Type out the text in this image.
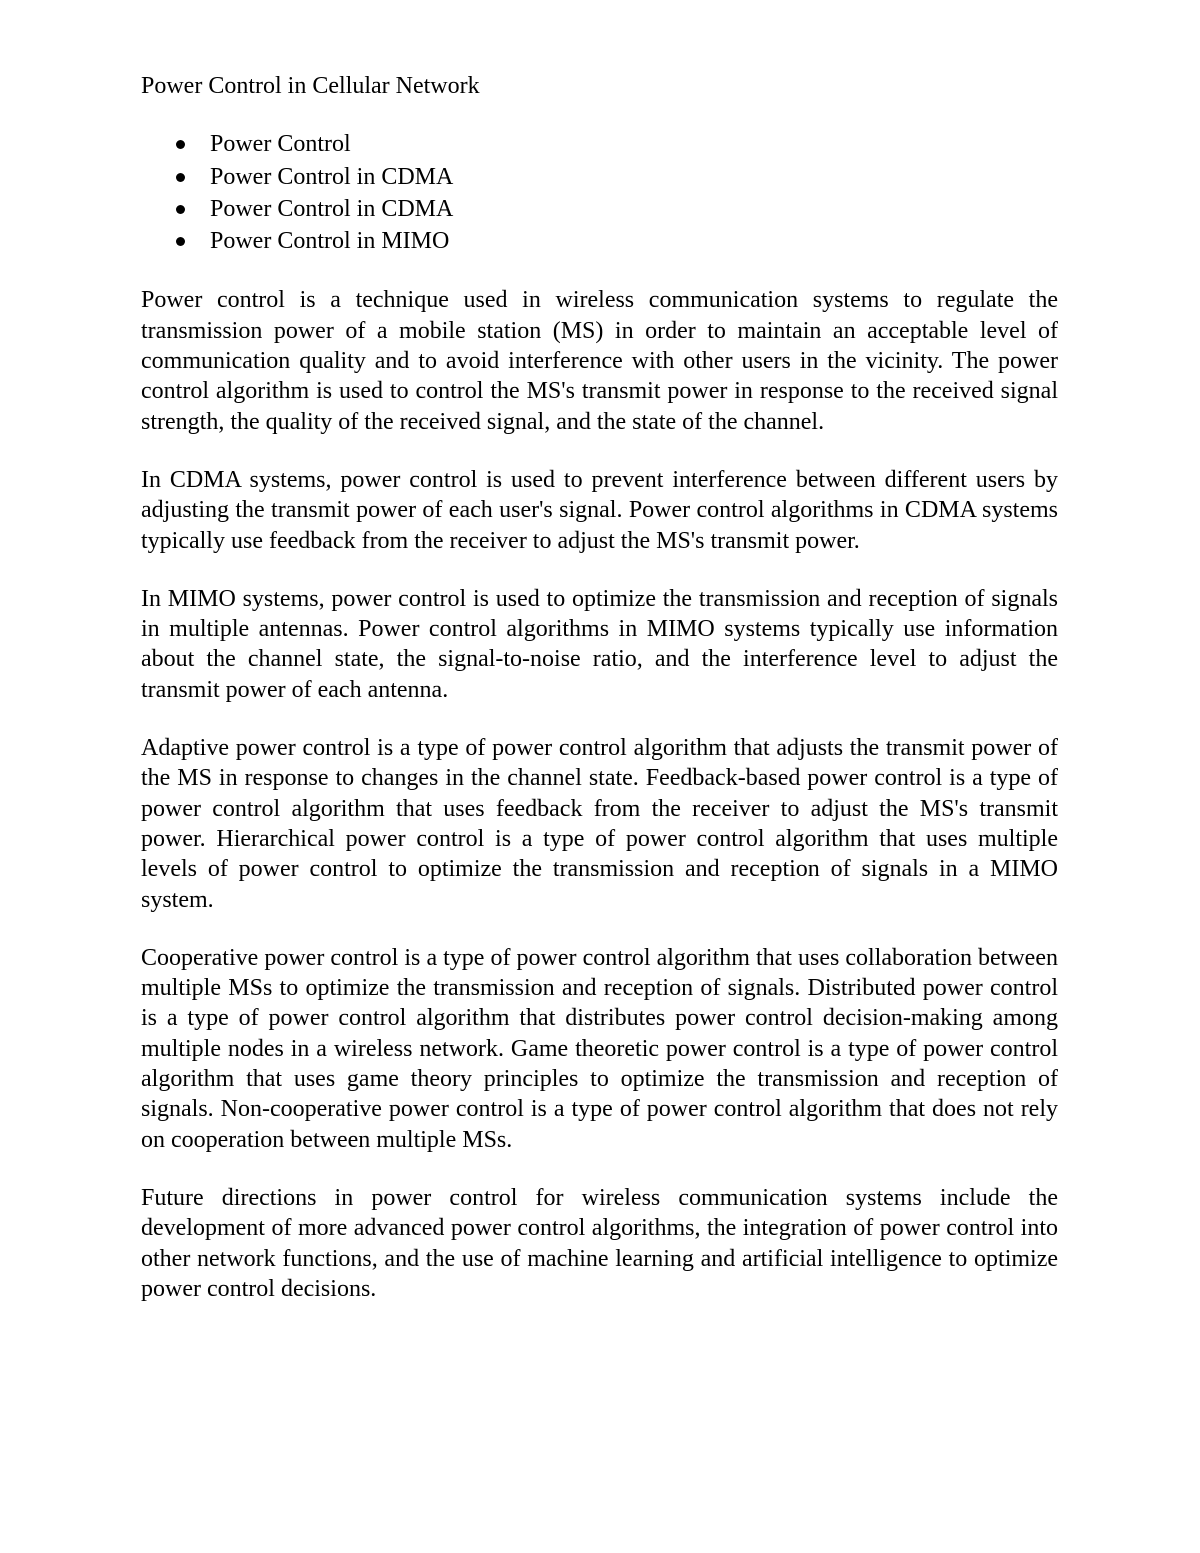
Power Control in Cellular Network
Power Control
Power Control in CDMA
Power Control in CDMA
Power Control in MIMO

Power control is a technique used in wireless communication systems to regulate the transmission power of a mobile station (MS) in order to maintain an acceptable level of communication quality and to avoid interference with other users in the vicinity. The power control algorithm is used to control the MS's transmit power in response to the received signal strength, the quality of the received signal, and the state of the channel.

In CDMA systems, power control is used to prevent interference between different users by adjusting the transmit power of each user's signal. Power control algorithms in CDMA systems typically use feedback from the receiver to adjust the MS's transmit power.

In MIMO systems, power control is used to optimize the transmission and reception of signals in multiple antennas. Power control algorithms in MIMO systems typically use information about the channel state, the signal-to-noise ratio, and the interference level to adjust the transmit power of each antenna.

Adaptive power control is a type of power control algorithm that adjusts the transmit power of the MS in response to changes in the channel state. Feedback-based power control is a type of power control algorithm that uses feedback from the receiver to adjust the MS's transmit power. Hierarchical power control is a type of power control algorithm that uses multiple levels of power control to optimize the transmission and reception of signals in a MIMO system.

Cooperative power control is a type of power control algorithm that uses collaboration between multiple MSs to optimize the transmission and reception of signals. Distributed power control is a type of power control algorithm that distributes power control decision-making among multiple nodes in a wireless network. Game theoretic power control is a type of power control algorithm that uses game theory principles to optimize the transmission and reception of signals. Non-cooperative power control is a type of power control algorithm that does not rely on cooperation between multiple MSs.

Future directions in power control for wireless communication systems include the development of more advanced power control algorithms, the integration of power control into other network functions, and the use of machine learning and artificial intelligence to optimize power control decisions.
